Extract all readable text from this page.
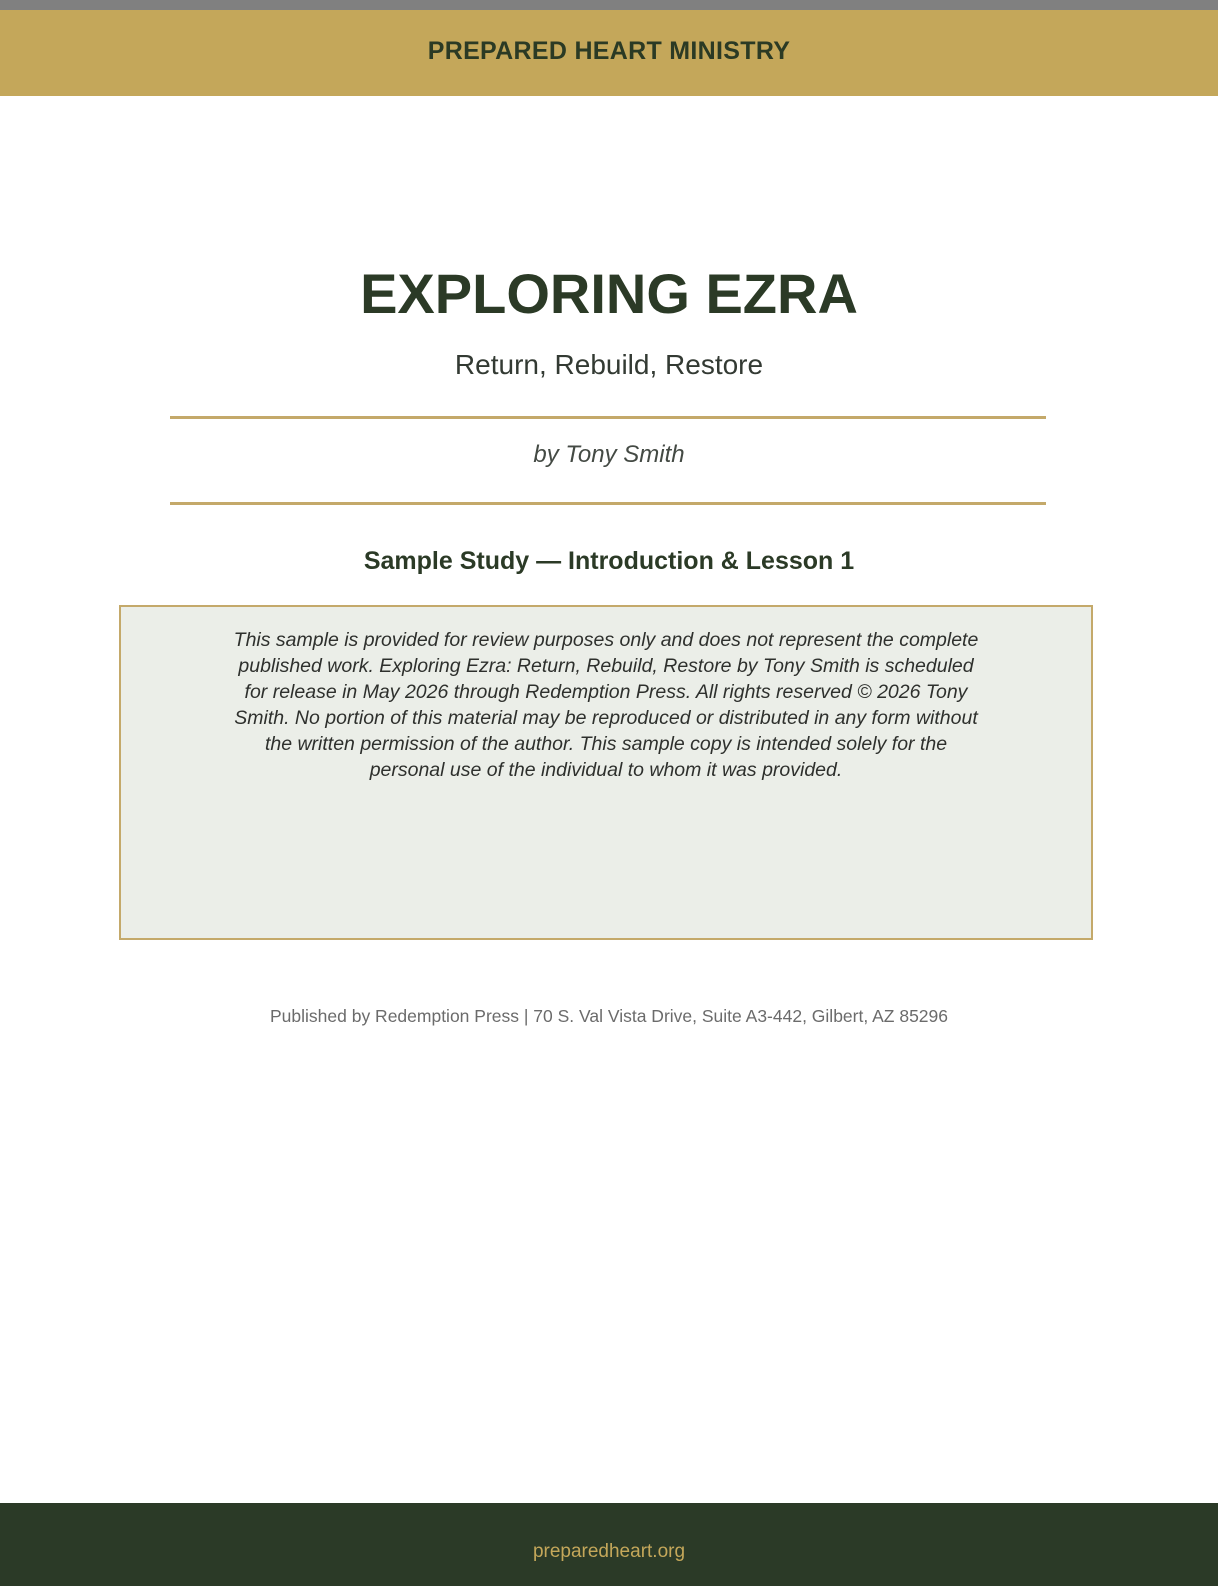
PREPARED HEART MINISTRY
EXPLORING EZRA
Return, Rebuild, Restore
by Tony Smith
Sample Study — Introduction & Lesson 1
This sample is provided for review purposes only and does not represent the complete published work. Exploring Ezra: Return, Rebuild, Restore by Tony Smith is scheduled for release in May 2026 through Redemption Press. All rights reserved © 2026 Tony Smith. No portion of this material may be reproduced or distributed in any form without the written permission of the author. This sample copy is intended solely for the personal use of the individual to whom it was provided.
Published by Redemption Press | 70 S. Val Vista Drive, Suite A3-442, Gilbert, AZ 85296
preparedheart.org
